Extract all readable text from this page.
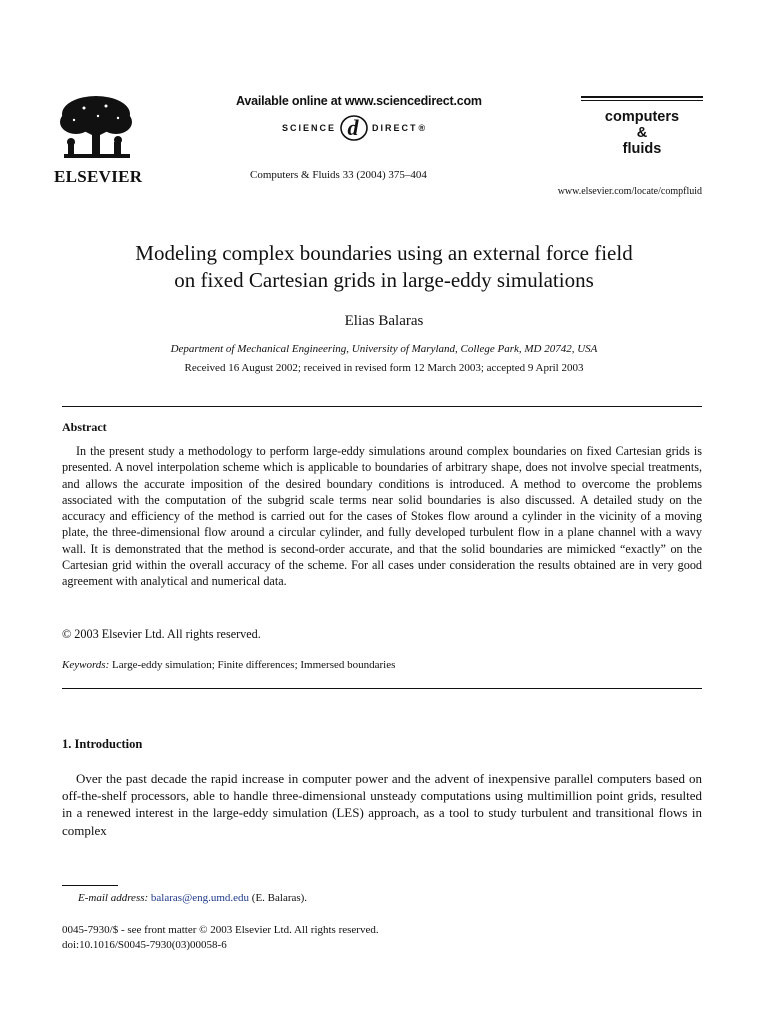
ELSEVIER
Available online at www.sciencedirect.com
SCIENCE d DIRECT ®
Computers & Fluids 33 (2004) 375–404
computers
&
fluids
www.elsevier.com/locate/compfluid
Modeling complex boundaries using an external force field
on fixed Cartesian grids in large-eddy simulations
Elias Balaras
Department of Mechanical Engineering, University of Maryland, College Park, MD 20742, USA
Received 16 August 2002; received in revised form 12 March 2003; accepted 9 April 2003
Abstract

In the present study a methodology to perform large-eddy simulations around complex boundaries on fixed Cartesian grids is presented. A novel interpolation scheme which is applicable to boundaries of arbitrary shape, does not involve special treatments, and allows the accurate imposition of the desired boundary conditions is introduced. A method to overcome the problems associated with the computation of the subgrid scale terms near solid boundaries is also discussed. A detailed study on the accuracy and efficiency of the method is carried out for the cases of Stokes flow around a cylinder in the vicinity of a moving plate, the three-dimensional flow around a circular cylinder, and fully developed turbulent flow in a plane channel with a wavy wall. It is demonstrated that the method is second-order accurate, and that the solid boundaries are mimicked “exactly” on the Cartesian grid within the overall accuracy of the scheme. For all cases under consideration the results obtained are in very good agreement with analytical and numerical data.

© 2003 Elsevier Ltd. All rights reserved.
Keywords: Large-eddy simulation; Finite differences; Immersed boundaries
1. Introduction

Over the past decade the rapid increase in computer power and the advent of inexpensive parallel computers based on off-the-shelf processors, able to handle three-dimensional unsteady computations using multimillion point grids, resulted in a renewed interest in the large-eddy simulation (LES) approach, as a tool to study turbulent and transitional flows in complex

E-mail address: balaras@eng.umd.edu (E. Balaras).
0045-7930/$ - see front matter © 2003 Elsevier Ltd. All rights reserved.
doi:10.1016/S0045-7930(03)00058-6
